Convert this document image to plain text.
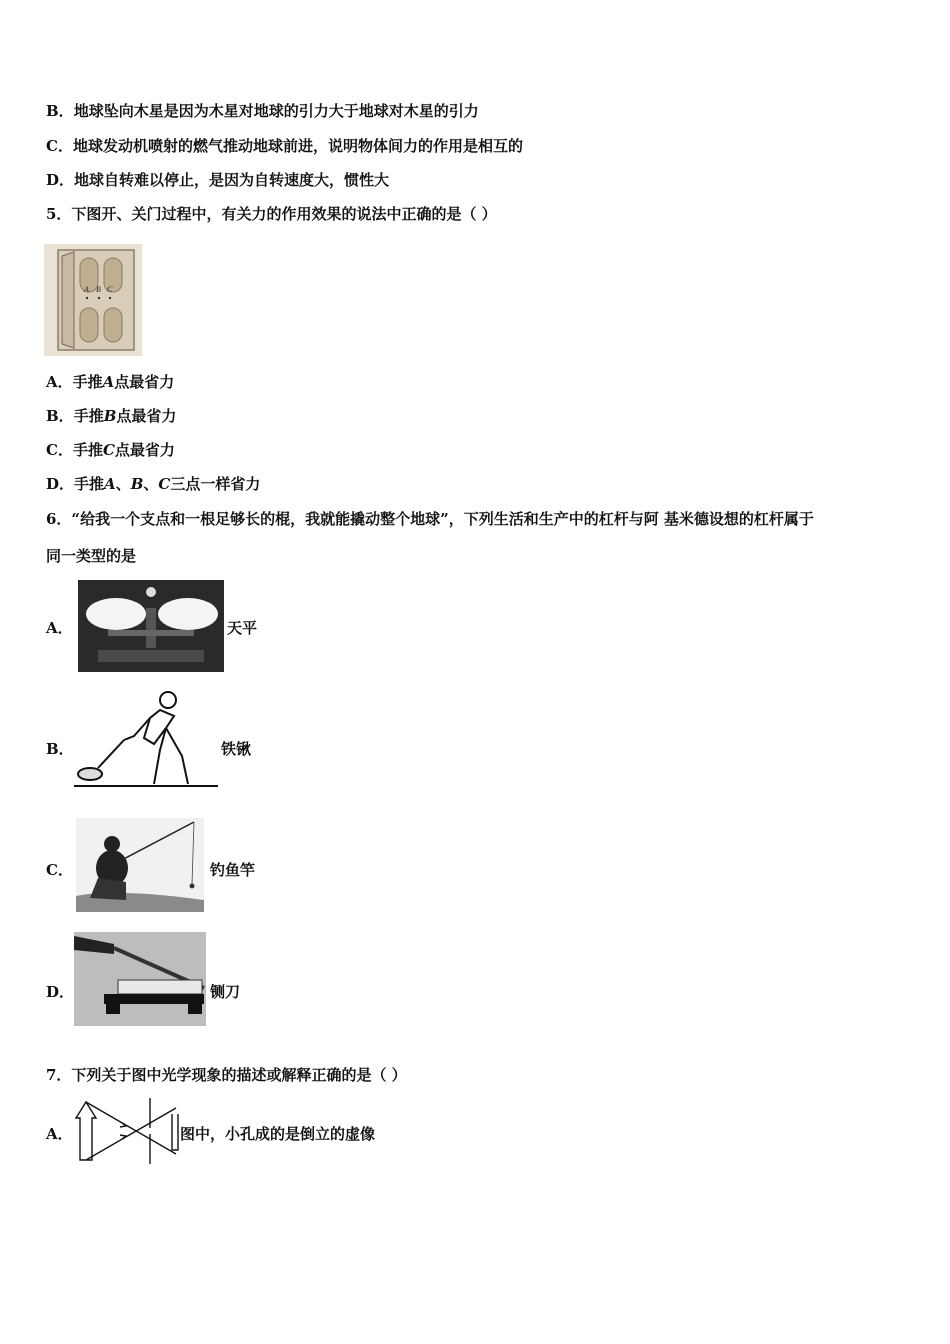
B．地球坠向木星是因为木星对地球的引力大于地球对木星的引力
C．地球发动机喷射的燃气推动地球前进，说明物体间力的作用是相互的
D．地球自转难以停止，是因为自转速度大，惯性大
5．下图开、关门过程中，有关力的作用效果的说法中正确的是（ ）
A B C
A．手推A点最省力
B．手推B点最省力
C．手推C点最省力
D．手推A、B、C三点一样省力
6．“给我一个支点和一根足够长的棍，我就能撬动整个地球”，下列生活和生产中的杠杆与阿 基米德设想的杠杆属于
同一类型的是
A．	天平
B．	铁锹
C．	钓鱼竿
D．	铡刀
7．下列关于图中光学现象的描述或解释正确的是（ ）
A．	图中，小孔成的是倒立的虚像
